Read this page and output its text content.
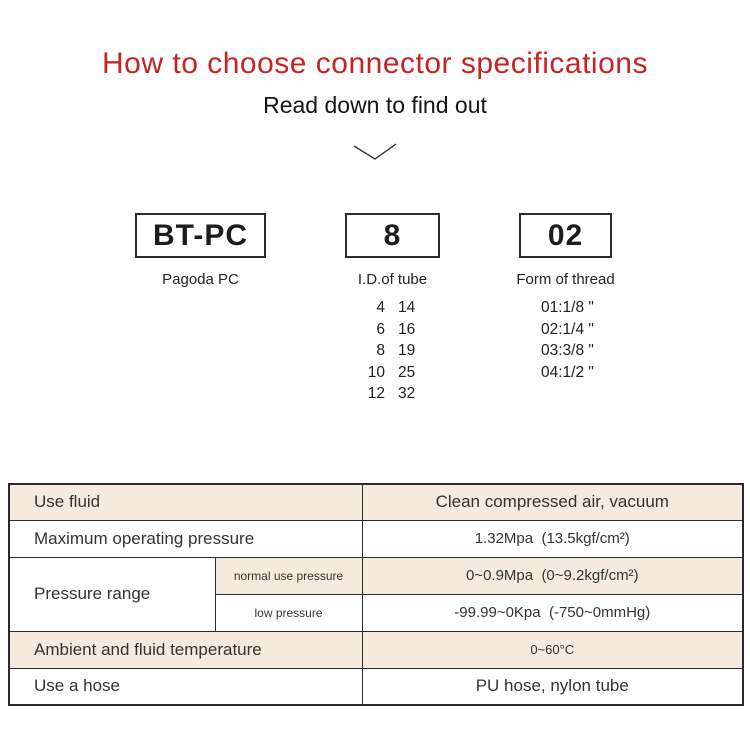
How to choose connector specifications
Read down to find out
BT-PC	8	02
Pagoda PC	I.D.of tube	Form of thread
4 14
6 16
8 19
10 25
12 32
01:1/8 "
02:1/4 "
03:3/8 "
04:1/2 "
Use fluid		Clean compressed air, vacuum
Maximum operating pressure		1.32Mpa  (13.5kgf/cm²)
Pressure range	normal use pressure	0~0.9Mpa  (0~9.2kgf/cm²)
	low pressure	-99.99~0Kpa  (-750~0mmHg)
Ambient and fluid temperature		0~60°C
Use a hose		PU hose, nylon tube
